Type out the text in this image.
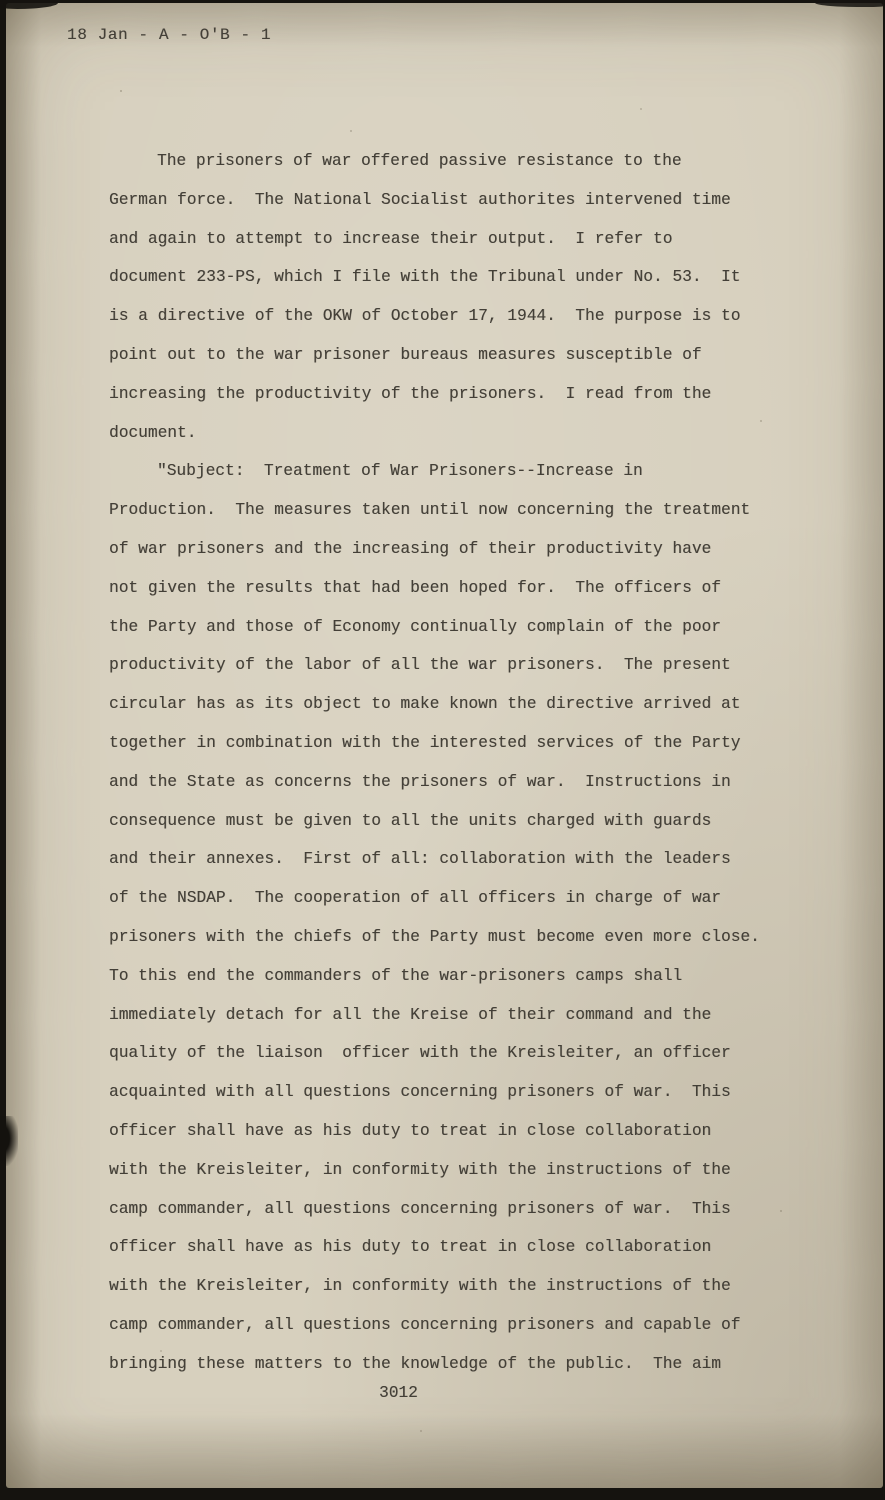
18 Jan - A - O'B - 1
The prisoners of war offered passive resistance to the
German force.  The National Socialist authorites intervened time
and again to attempt to increase their output.  I refer to
document 233-PS, which I file with the Tribunal under No. 53.  It
is a directive of the OKW of October 17, 1944.  The purpose is to
point out to the war prisoner bureaus measures susceptible of
increasing the productivity of the prisoners.  I read from the
document.
"Subject:  Treatment of War Prisoners--Increase in
Production.  The measures taken until now concerning the treatment
of war prisoners and the increasing of their productivity have
not given the results that had been hoped for.  The officers of
the Party and those of Economy continually complain of the poor
productivity of the labor of all the war prisoners.  The present
circular has as its object to make known the directive arrived at
together in combination with the interested services of the Party
and the State as concerns the prisoners of war.  Instructions in
consequence must be given to all the units charged with guards
and their annexes.  First of all: collaboration with the leaders
of the NSDAP.  The cooperation of all officers in charge of war
prisoners with the chiefs of the Party must become even more close.
To this end the commanders of the war-prisoners camps shall
immediately detach for all the Kreise of their command and the
quality of the liaison  officer with the Kreisleiter, an officer
acquainted with all questions concerning prisoners of war.  This
officer shall have as his duty to treat in close collaboration
with the Kreisleiter, in conformity with the instructions of the
camp commander, all questions concerning prisoners of war.  This
officer shall have as his duty to treat in close collaboration
with the Kreisleiter, in conformity with the instructions of the
camp commander, all questions concerning prisoners and capable of
bringing these matters to the knowledge of the public.  The aim
3012
